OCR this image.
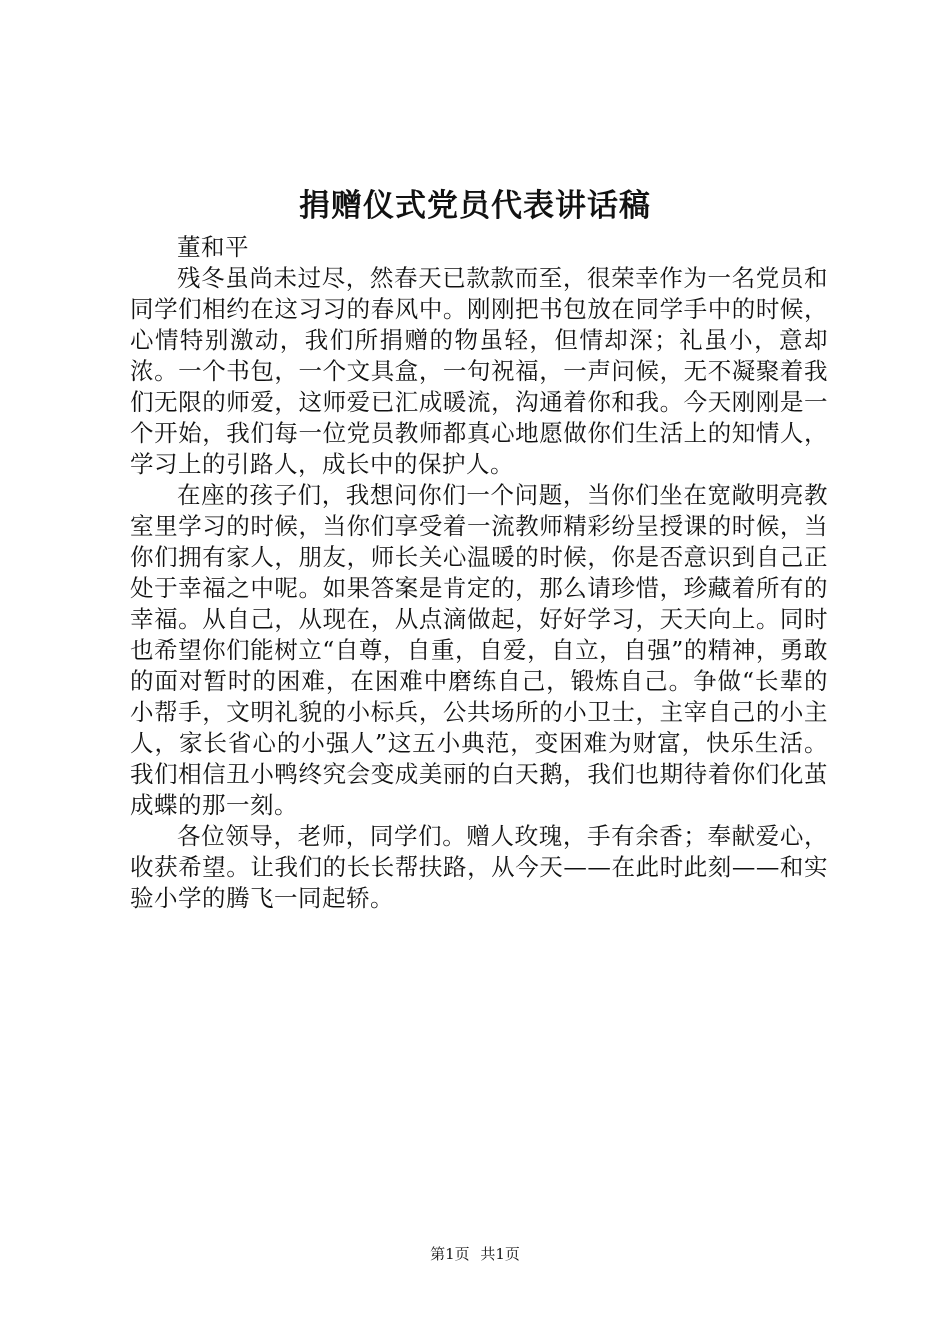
捐赠仪式党员代表讲话稿

董和平

残冬虽尚未过尽，然春天已款款而至，很荣幸作为一名党员和同学们相约在这习习的春风中。刚刚把书包放在同学手中的时候，心情特别激动，我们所捐赠的物虽轻，但情却深；礼虽小，意却浓。一个书包，一个文具盒，一句祝福，一声问候，无不凝聚着我们无限的师爱，这师爱已汇成暖流，沟通着你和我。今天刚刚是一个开始，我们每一位党员教师都真心地愿做你们生活上的知情人，学习上的引路人，成长中的保护人。

在座的孩子们，我想问你们一个问题，当你们坐在宽敞明亮教室里学习的时候，当你们享受着一流教师精彩纷呈授课的时候，当你们拥有家人，朋友，师长关心温暖的时候，你是否意识到自己正处于幸福之中呢。如果答案是肯定的，那么请珍惜，珍藏着所有的幸福。从自己，从现在，从点滴做起，好好学习，天天向上。同时也希望你们能树立“自尊，自重，自爱，自立，自强”的精神，勇敢的面对暂时的困难，在困难中磨练自己，锻炼自己。争做“长辈的小帮手，文明礼貌的小标兵，公共场所的小卫士，主宰自己的小主人，家长省心的小强人”这五小典范，变困难为财富，快乐生活。我们相信丑小鸭终究会变成美丽的白天鹅，我们也期待着你们化茧成蝶的那一刻。

各位领导，老师，同学们。赠人玫瑰，手有余香；奉献爱心，收获希望。让我们的长长帮扶路，从今天——在此时此刻——和实验小学的腾飞一同起轿。

第1页 共1页
